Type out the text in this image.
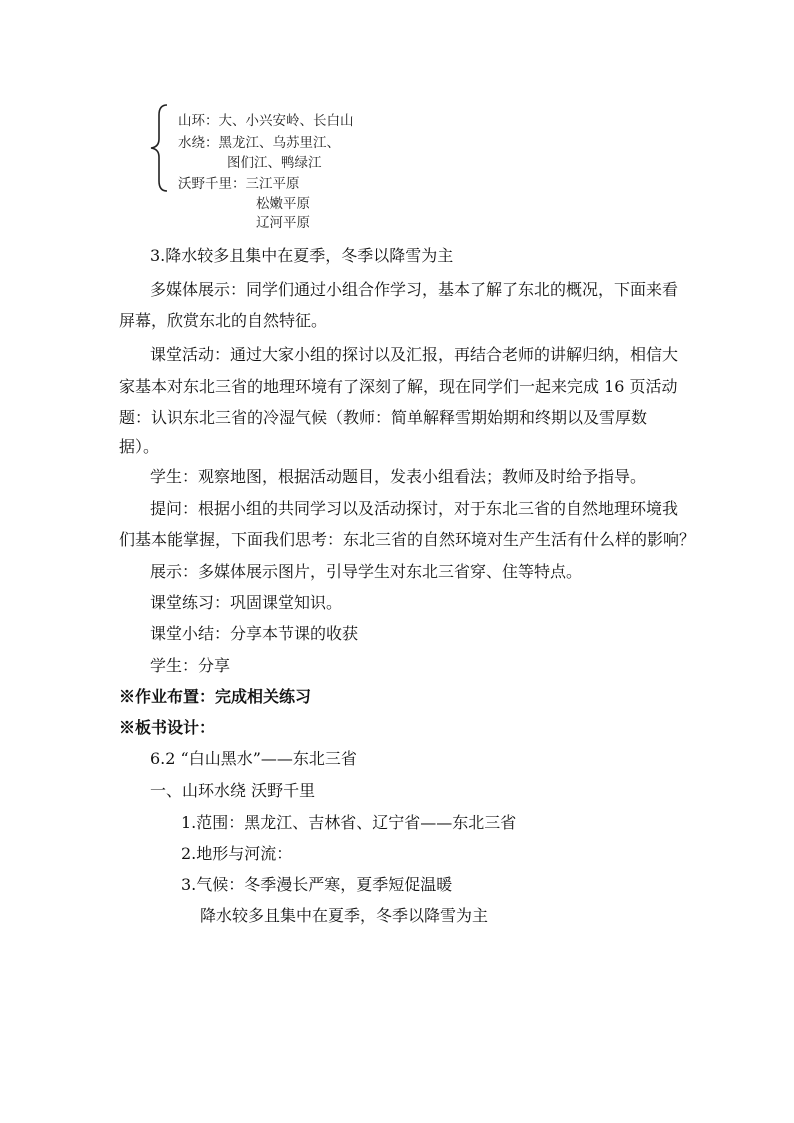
山环：大、小兴安岭、长白山
水绕：黑龙江、乌苏里江、
图们江、鸭绿江
沃野千里：三江平原
松嫩平原
辽河平原
3.降水较多且集中在夏季，冬季以降雪为主
多媒体展示：同学们通过小组合作学习，基本了解了东北的概况，下面来看
屏幕，欣赏东北的自然特征。
课堂活动：通过大家小组的探讨以及汇报，再结合老师的讲解归纳，相信大
家基本对东北三省的地理环境有了深刻了解，现在同学们一起来完成 16 页活动
题：认识东北三省的冷湿气候（教师：简单解释雪期始期和终期以及雪厚数
据）。
学生：观察地图，根据活动题目，发表小组看法；教师及时给予指导。
提问：根据小组的共同学习以及活动探讨，对于东北三省的自然地理环境我
们基本能掌握，下面我们思考：东北三省的自然环境对生产生活有什么样的影响？
展示：多媒体展示图片，引导学生对东北三省穿、住等特点。
课堂练习：巩固课堂知识。
课堂小结：分享本节课的收获
学生：分享
※作业布置：完成相关练习
※板书设计：
6.2 “白山黑水”——东北三省
一、山环水绕 沃野千里
1.范围：黑龙江、吉林省、辽宁省——东北三省
2.地形与河流：
3.气候：冬季漫长严寒，夏季短促温暖
降水较多且集中在夏季，冬季以降雪为主
